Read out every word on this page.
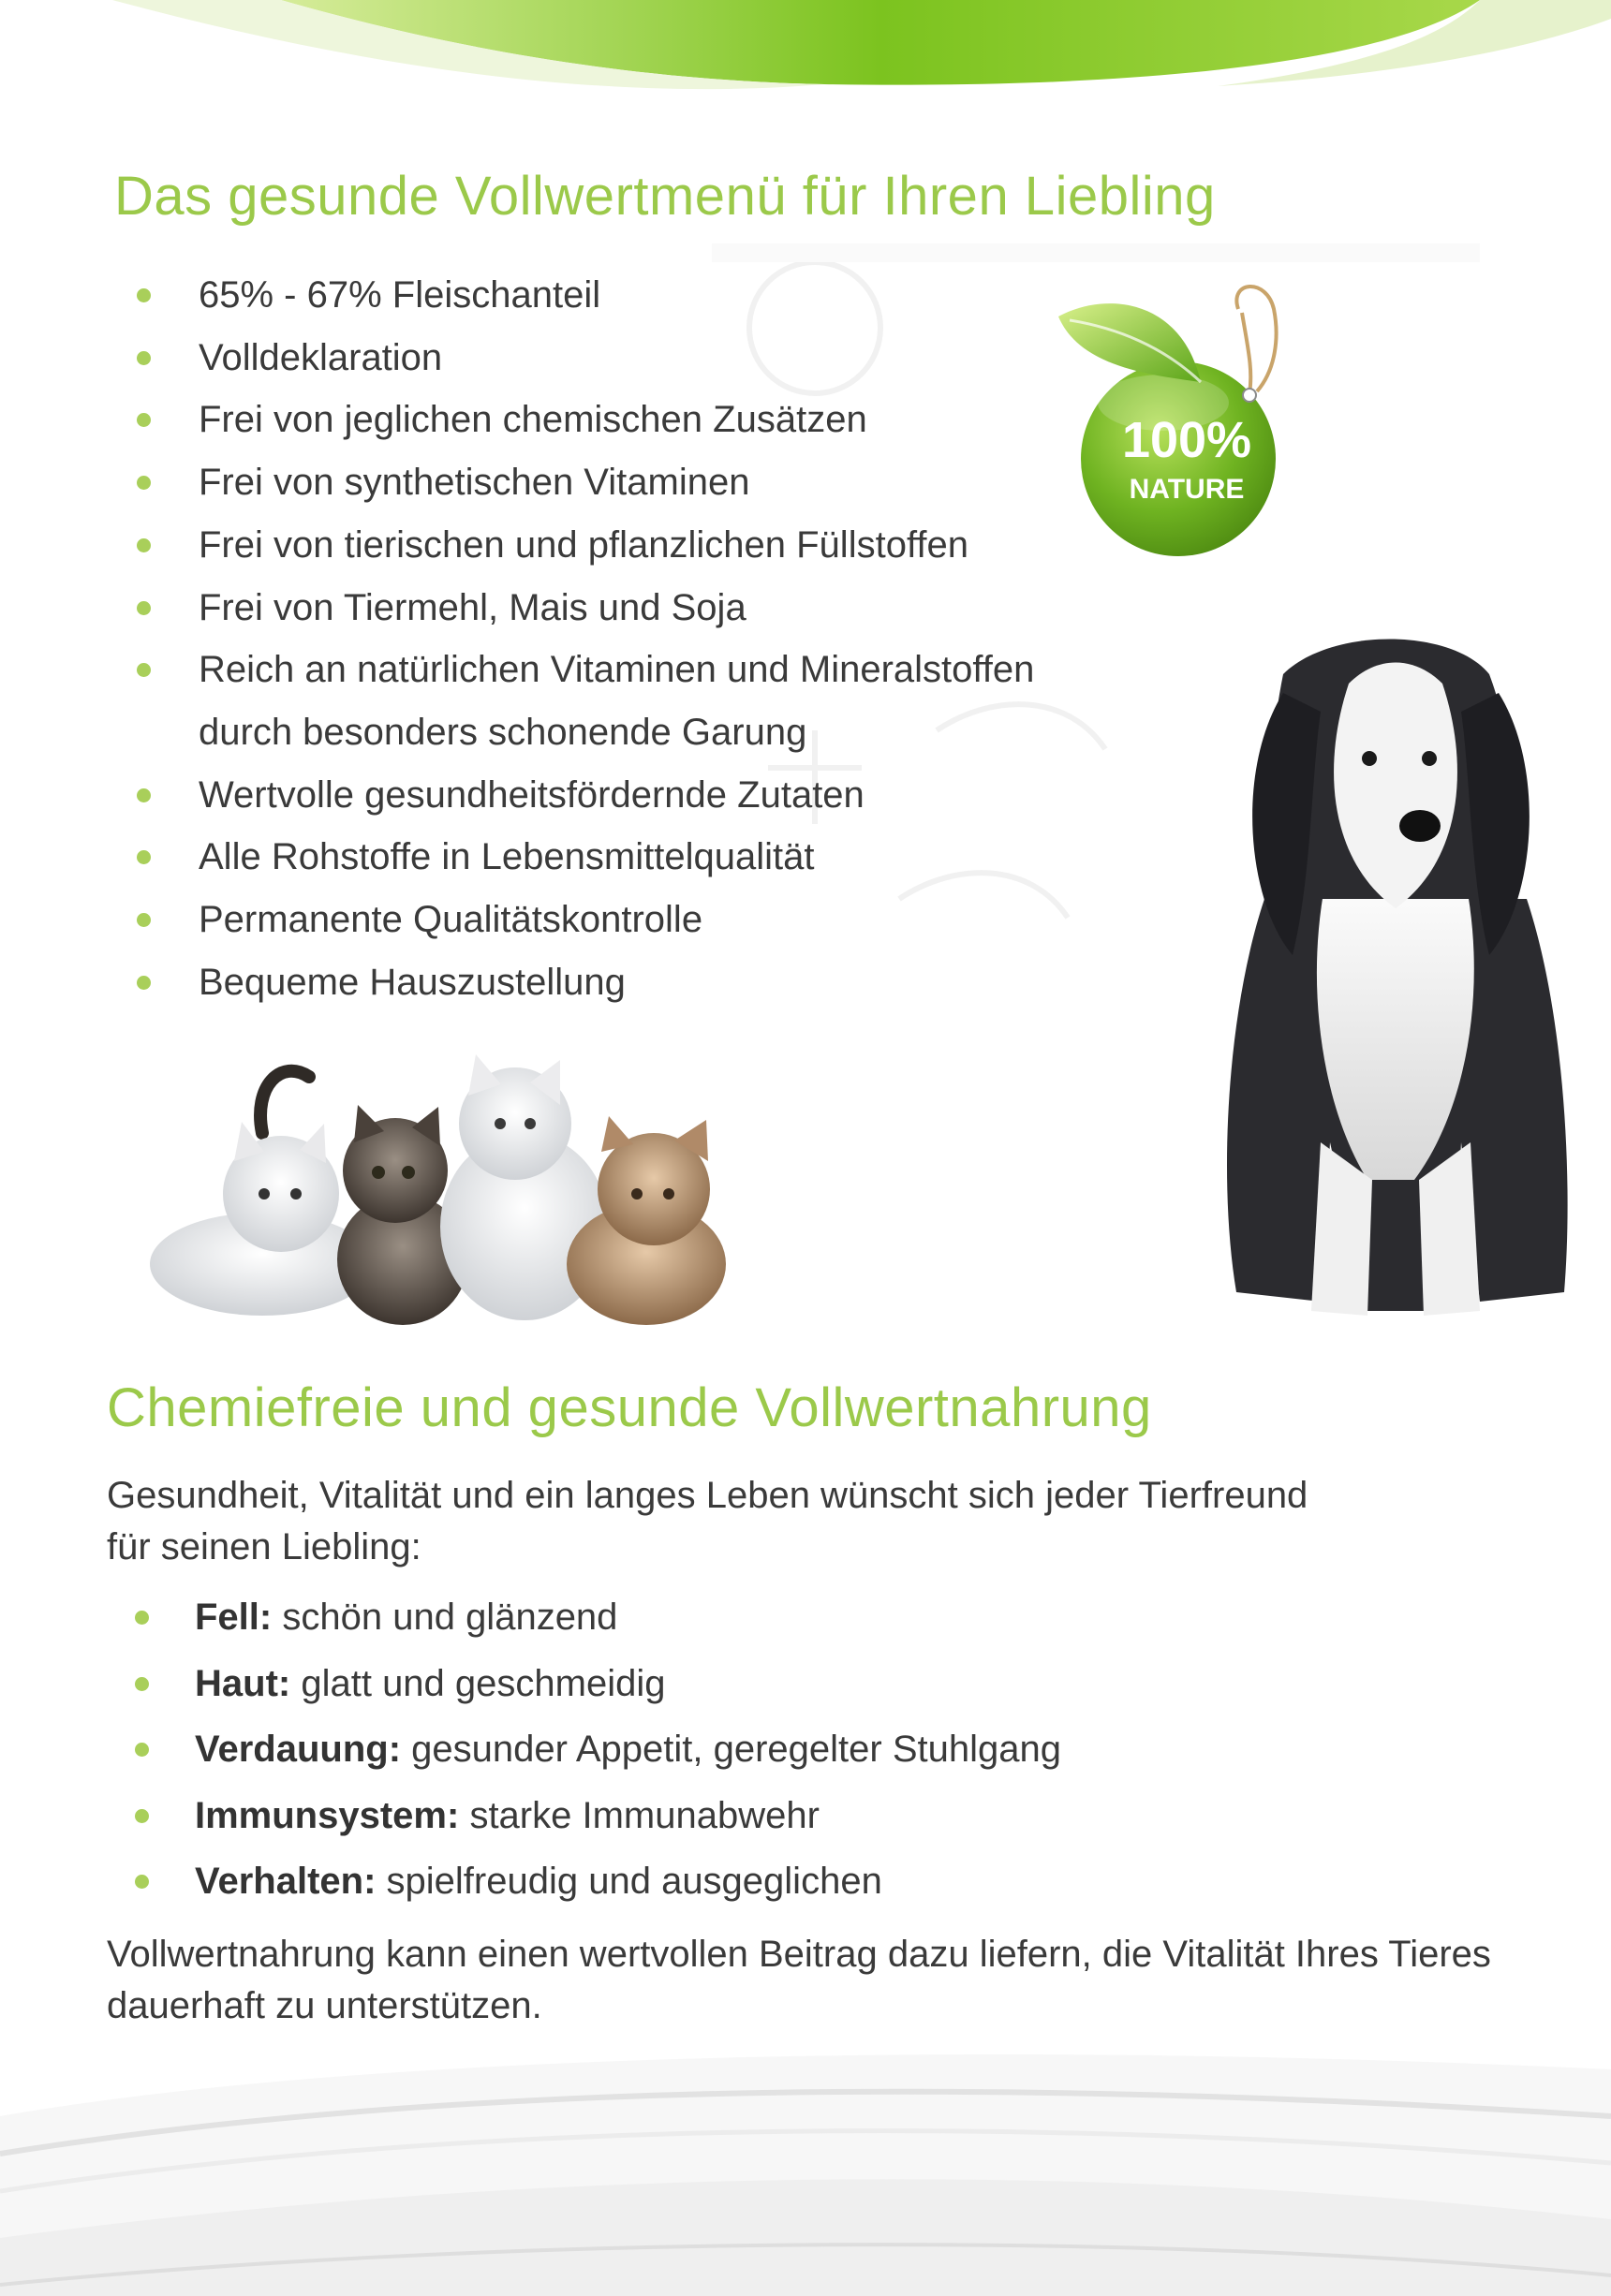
Das gesunde Vollwertmenü für Ihren Liebling
65% - 67% Fleischanteil
Volldeklaration
Frei von jeglichen chemischen Zusätzen
Frei von synthetischen Vitaminen
Frei von tierischen und pflanzlichen Füllstoffen
Frei von Tiermehl, Mais und Soja
Reich an natürlichen Vitaminen und Mineralstoffen
durch besonders schonende Garung
Wertvolle gesundheitsfördernde Zutaten
Alle Rohstoffe in Lebensmittelqualität
Permanente Qualitätskontrolle
Bequeme Hauszustellung
100%
NATURE
Chemiefreie und gesunde Vollwertnahrung

Gesundheit, Vitalität und ein langes Leben wünscht sich jeder Tierfreund für seinen Liebling:

Fell: schön und glänzend
Haut: glatt und geschmeidig
Verdauung: gesunder Appetit, geregelter Stuhlgang
Immunsystem: starke Immunabwehr
Verhalten: spielfreudig und ausgeglichen

Vollwertnahrung kann einen wertvollen Beitrag dazu liefern, die Vitalität Ihres Tieres dauerhaft zu unterstützen.
